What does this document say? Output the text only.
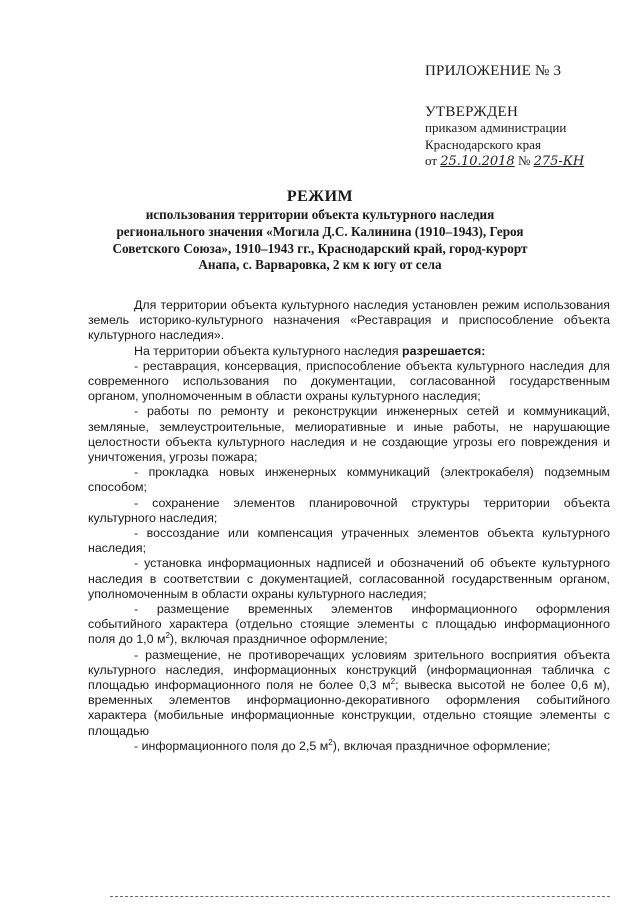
ПРИЛОЖЕНИЕ № 3
УТВЕРЖДЕН
приказом администрации
Краснодарского края
от 25.10.2018 № 275-КН
РЕЖИМ
использования территории объекта культурного наследия регионального значения «Могила Д.С. Калинина (1910–1943), Героя Советского Союза», 1910–1943 гг., Краснодарский край, город-курорт Анапа, с. Варваровка, 2 км к югу от села

Для территории объекта культурного наследия установлен режим использования земель историко-культурного назначения «Реставрация и приспособление объекта культурного наследия».

На территории объекта культурного наследия разрешается:

- реставрация, консервация, приспособление объекта культурного наследия для современного использования по документации, согласованной государственным органом, уполномоченным в области охраны культурного наследия;

- работы по ремонту и реконструкции инженерных сетей и коммуникаций, земляные, землеустроительные, мелиоративные и иные работы, не нарушающие целостности объекта культурного наследия и не создающие угрозы его повреждения и уничтожения, угрозы пожара;

- прокладка новых инженерных коммуникаций (электрокабеля) подземным способом;

- сохранение элементов планировочной структуры территории объекта культурного наследия;

- воссоздание или компенсация утраченных элементов объекта культурного наследия;

- установка информационных надписей и обозначений об объекте культурного наследия в соответствии с документацией, согласованной государственным органом, уполномоченным в области охраны культурного наследия;

- размещение временных элементов информационного оформления событийного характера (отдельно стоящие элементы с площадью информационного поля до 1,0 $м^2$), включая праздничное оформление;

- размещение, не противоречащих условиям зрительного восприятия объекта культурного наследия, информационных конструкций (информационная табличка с площадью информационного поля не более 0,3 $м^2$; вывеска высотой не более 0,6 м), временных элементов информационно-декоративного оформления событийного характера (мобильные информационные конструкции, отдельно стоящие элементы с площадью

- информационного поля до 2,5 $м^2$), включая праздничное оформление;
